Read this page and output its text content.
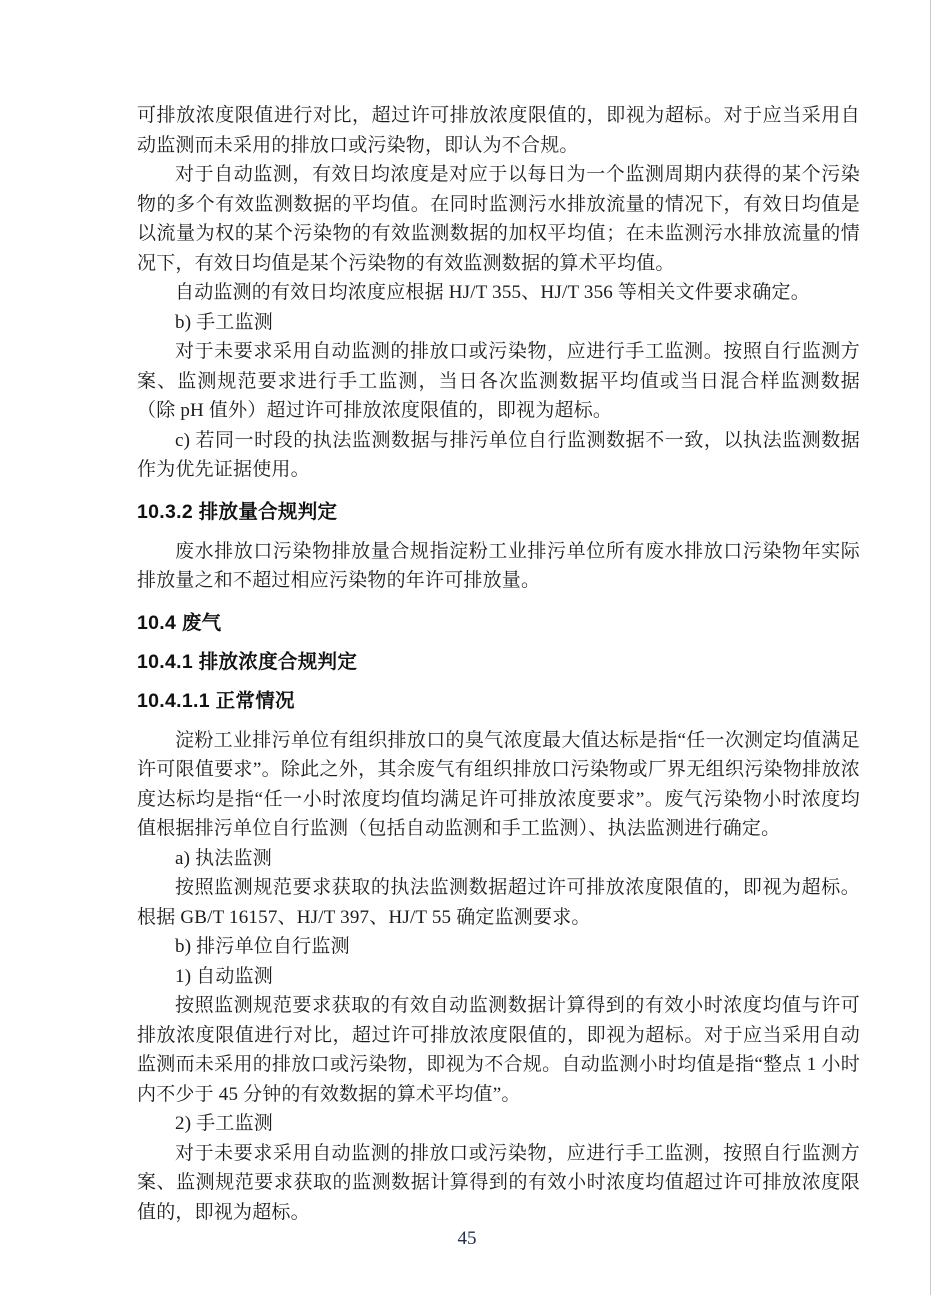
可排放浓度限值进行对比，超过许可排放浓度限值的，即视为超标。对于应当采用自动监测而未采用的排放口或污染物，即认为不合规。

对于自动监测，有效日均浓度是对应于以每日为一个监测周期内获得的某个污染物的多个有效监测数据的平均值。在同时监测污水排放流量的情况下，有效日均值是以流量为权的某个污染物的有效监测数据的加权平均值；在未监测污水排放流量的情况下，有效日均值是某个污染物的有效监测数据的算术平均值。

自动监测的有效日均浓度应根据 HJ/T 355、HJ/T 356 等相关文件要求确定。

b) 手工监测

对于未要求采用自动监测的排放口或污染物，应进行手工监测。按照自行监测方案、监测规范要求进行手工监测，当日各次监测数据平均值或当日混合样监测数据（除 pH 值外）超过许可排放浓度限值的，即视为超标。

c) 若同一时段的执法监测数据与排污单位自行监测数据不一致，以执法监测数据作为优先证据使用。

10.3.2 排放量合规判定

废水排放口污染物排放量合规指淀粉工业排污单位所有废水排放口污染物年实际排放量之和不超过相应污染物的年许可排放量。

10.4 废气
10.4.1 排放浓度合规判定
10.4.1.1 正常情况

淀粉工业排污单位有组织排放口的臭气浓度最大值达标是指“任一次测定均值满足许可限值要求”。除此之外，其余废气有组织排放口污染物或厂界无组织污染物排放浓度达标均是指“任一小时浓度均值均满足许可排放浓度要求”。废气污染物小时浓度均值根据排污单位自行监测（包括自动监测和手工监测）、执法监测进行确定。

a) 执法监测

按照监测规范要求获取的执法监测数据超过许可排放浓度限值的，即视为超标。根据 GB/T 16157、HJ/T 397、HJ/T 55 确定监测要求。

b) 排污单位自行监测

1) 自动监测

按照监测规范要求获取的有效自动监测数据计算得到的有效小时浓度均值与许可排放浓度限值进行对比，超过许可排放浓度限值的，即视为超标。对于应当采用自动监测而未采用的排放口或污染物，即视为不合规。自动监测小时均值是指“整点 1 小时内不少于 45 分钟的有效数据的算术平均值”。

2) 手工监测

对于未要求采用自动监测的排放口或污染物，应进行手工监测，按照自行监测方案、监测规范要求获取的监测数据计算得到的有效小时浓度均值超过许可排放浓度限值的，即视为超标。

45
